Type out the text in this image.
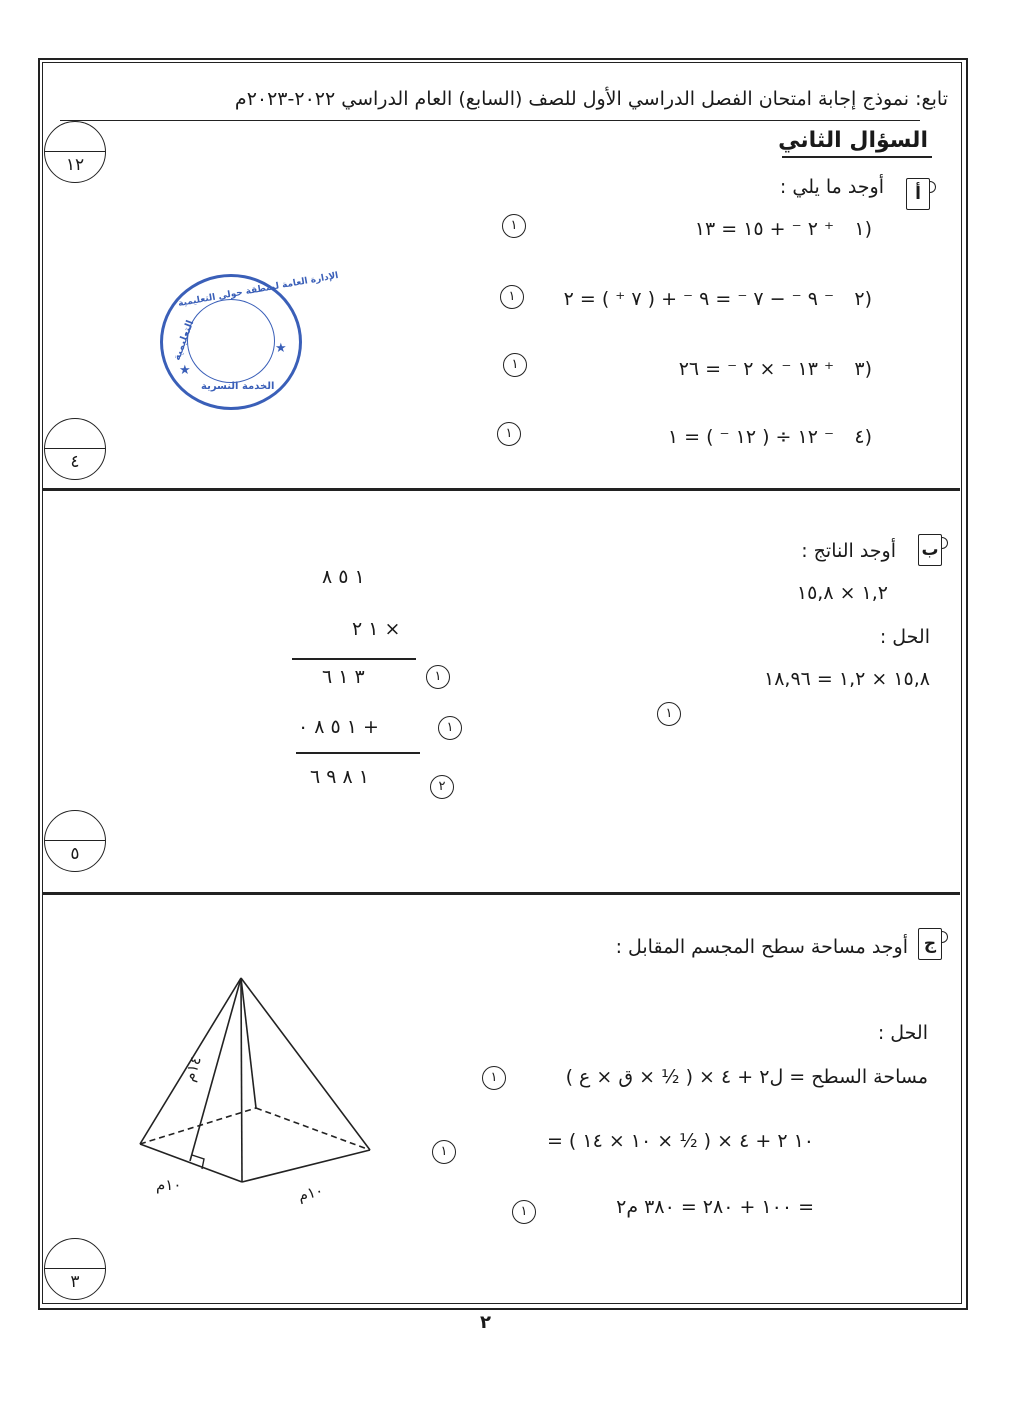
تابع: نموذج إجابة امتحان الفصل الدراسي الأول للصف (السابع) العام الدراسي ٢٠٢٢-٢٠٢٣م
السؤال الثاني
١٢
٤
٥
٣
الإدارة العامة لمنطقة حولي التعليمية
التعليمية
الخدمة النسرية
★
★
أ
أوجد ما يلي :
١)
٢ ⁻ + ١٥ = ١٣ ⁺
١
٢)
٩ ⁻ − ٧ ⁻ = ٩ ⁻ + ( ٧ ⁺ ) = ٢ ⁻
١
٣)
١٣ ⁻ × ٢ ⁻ = ٢٦ ⁺
١
٤)
١٢ ÷ ( ١٢ ⁻ ) = ١ ⁻
١
ب
أوجد الناتج :
١,٢ × ١٥,٨
الحل :
١٥,٨ × ١,٢ = ١٨,٩٦
١
١ ٥ ٨
١ ٢ ×
٣ ١ ٦	١
١ ٥ ٨ ٠ +	١
١ ٨ ٩ ٦	٢
ج
أوجد مساحة سطح المجسم المقابل :
الحل :
مساحة السطح = ل٢ + ٤ × ( ½ × ق × ع )
١
= ١٠ ٢ + ٤ × ( ½ × ١٠ × ١٤ )
١
= ١٠٠ + ٢٨٠ = ٣٨٠ م٢
١
١٤م
١٠م
١٠م
٢
